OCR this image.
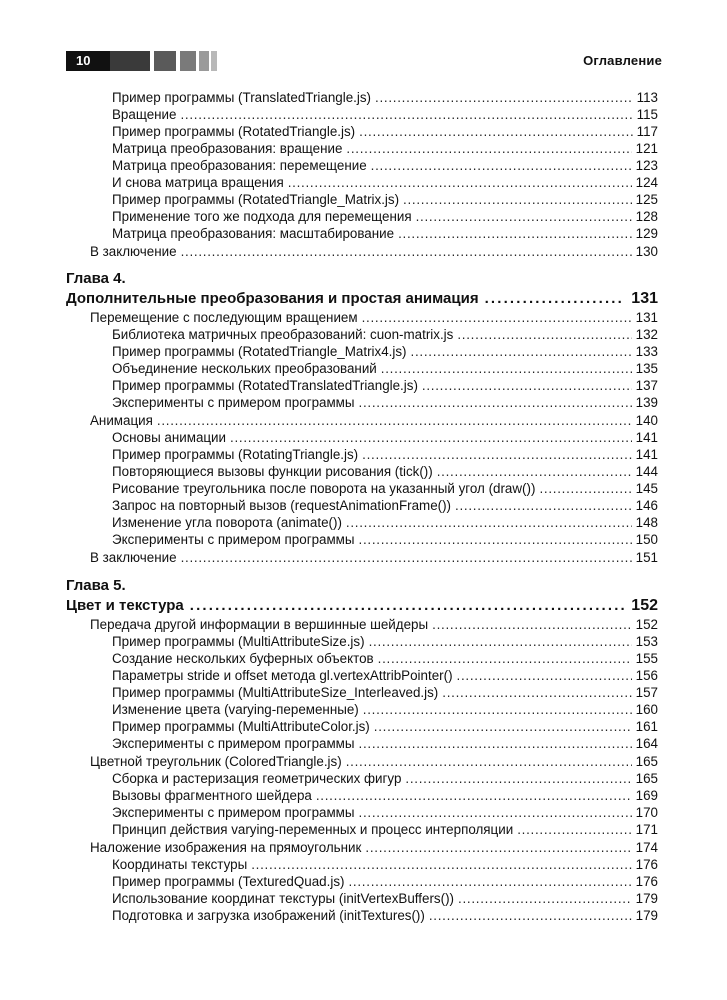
10	Оглавление
Пример программы (TranslatedTriangle.js) . . .	113
Вращение . . .	115
Пример программы (RotatedTriangle.js) . . .	117
Матрица преобразования: вращение . . .	121
Матрица преобразования: перемещение . . .	123
И снова матрица вращения . . .	124
Пример программы (RotatedTriangle_Matrix.js) . . .	125
Применение того же подхода для перемещения . . .	128
Матрица преобразования: масштабирование . . .	129
В заключение . . .	130
Глава 4.
Дополнительные преобразования и простая анимация . . .	131
Перемещение с последующим вращением . . .	131
Библиотека матричных преобразований: cuon-matrix.js . . .	132
Пример программы (RotatedTriangle_Matrix4.js) . . .	133
Объединение нескольких преобразований . . .	135
Пример программы (RotatedTranslatedTriangle.js) . . .	137
Эксперименты с примером программы . . .	139
Анимация . . .	140
Основы анимации . . .	141
Пример программы (RotatingTriangle.js) . . .	141
Повторяющиеся вызовы функции рисования (tick()) . . .	144
Рисование треугольника после поворота на указанный угол (draw()) . . .	145
Запрос на повторный вызов (requestAnimationFrame()) . . .	146
Изменение угла поворота (animate()) . . .	148
Эксперименты с примером программы . . .	150
В заключение . . .	151
Глава 5.
Цвет и текстура . . .	152
Передача другой информации в вершинные шейдеры . . .	152
Пример программы (MultiAttributeSize.js) . . .	153
Создание нескольких буферных объектов . . .	155
Параметры stride и offset метода gl.vertexAttribPointer() . . .	156
Пример программы (MultiAttributeSize_Interleaved.js) . . .	157
Изменение цвета (varying-переменные) . . .	160
Пример программы (MultiAttributeColor.js) . . .	161
Эксперименты с примером программы . . .	164
Цветной треугольник (ColoredTriangle.js) . . .	165
Сборка и растеризация геометрических фигур . . .	165
Вызовы фрагментного шейдера . . .	169
Эксперименты с примером программы . . .	170
Принцип действия varying-переменных и процесс интерполяции . . .	171
Наложение изображения на прямоугольник . . .	174
Координаты текстуры . . .	176
Пример программы (TexturedQuad.js) . . .	176
Использование координат текстуры (initVertexBuffers()) . . .	179
Подготовка и загрузка изображений (initTextures()) . . .	179
